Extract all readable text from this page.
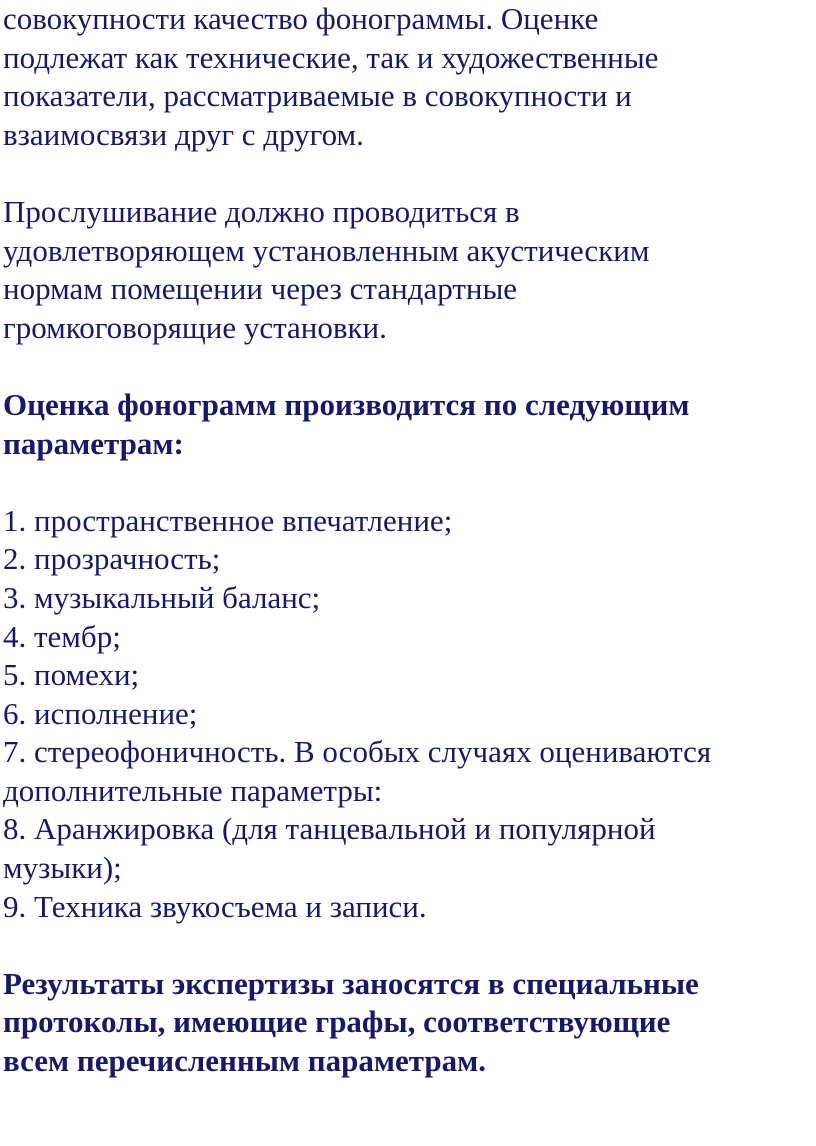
совокупности качество фонограммы. Оценке
подлежат как технические, так и художественные
показатели, рассматриваемые в совокупности и
взаимосвязи друг с другом.

Прослушивание должно проводиться в
удовлетворяющем установленным акустическим
нормам помещении через стандартные
громкоговорящие установки.

Оценка фонограмм производится по следующим
параметрам:

1. пространственное впечатление;
2. прозрачность;
3. музыкальный баланс;
4. тембр;
5. помехи;
6. исполнение;
7. стереофоничность. В особых случаях оцениваются
дополнительные параметры:
8. Аранжировка (для танцевальной и популярной
музыки);
9. Техника звукосъема и записи.

Результаты экспертизы заносятся в специальные
протоколы, имеющие графы, соответствующие
всем перечисленным параметрам.
